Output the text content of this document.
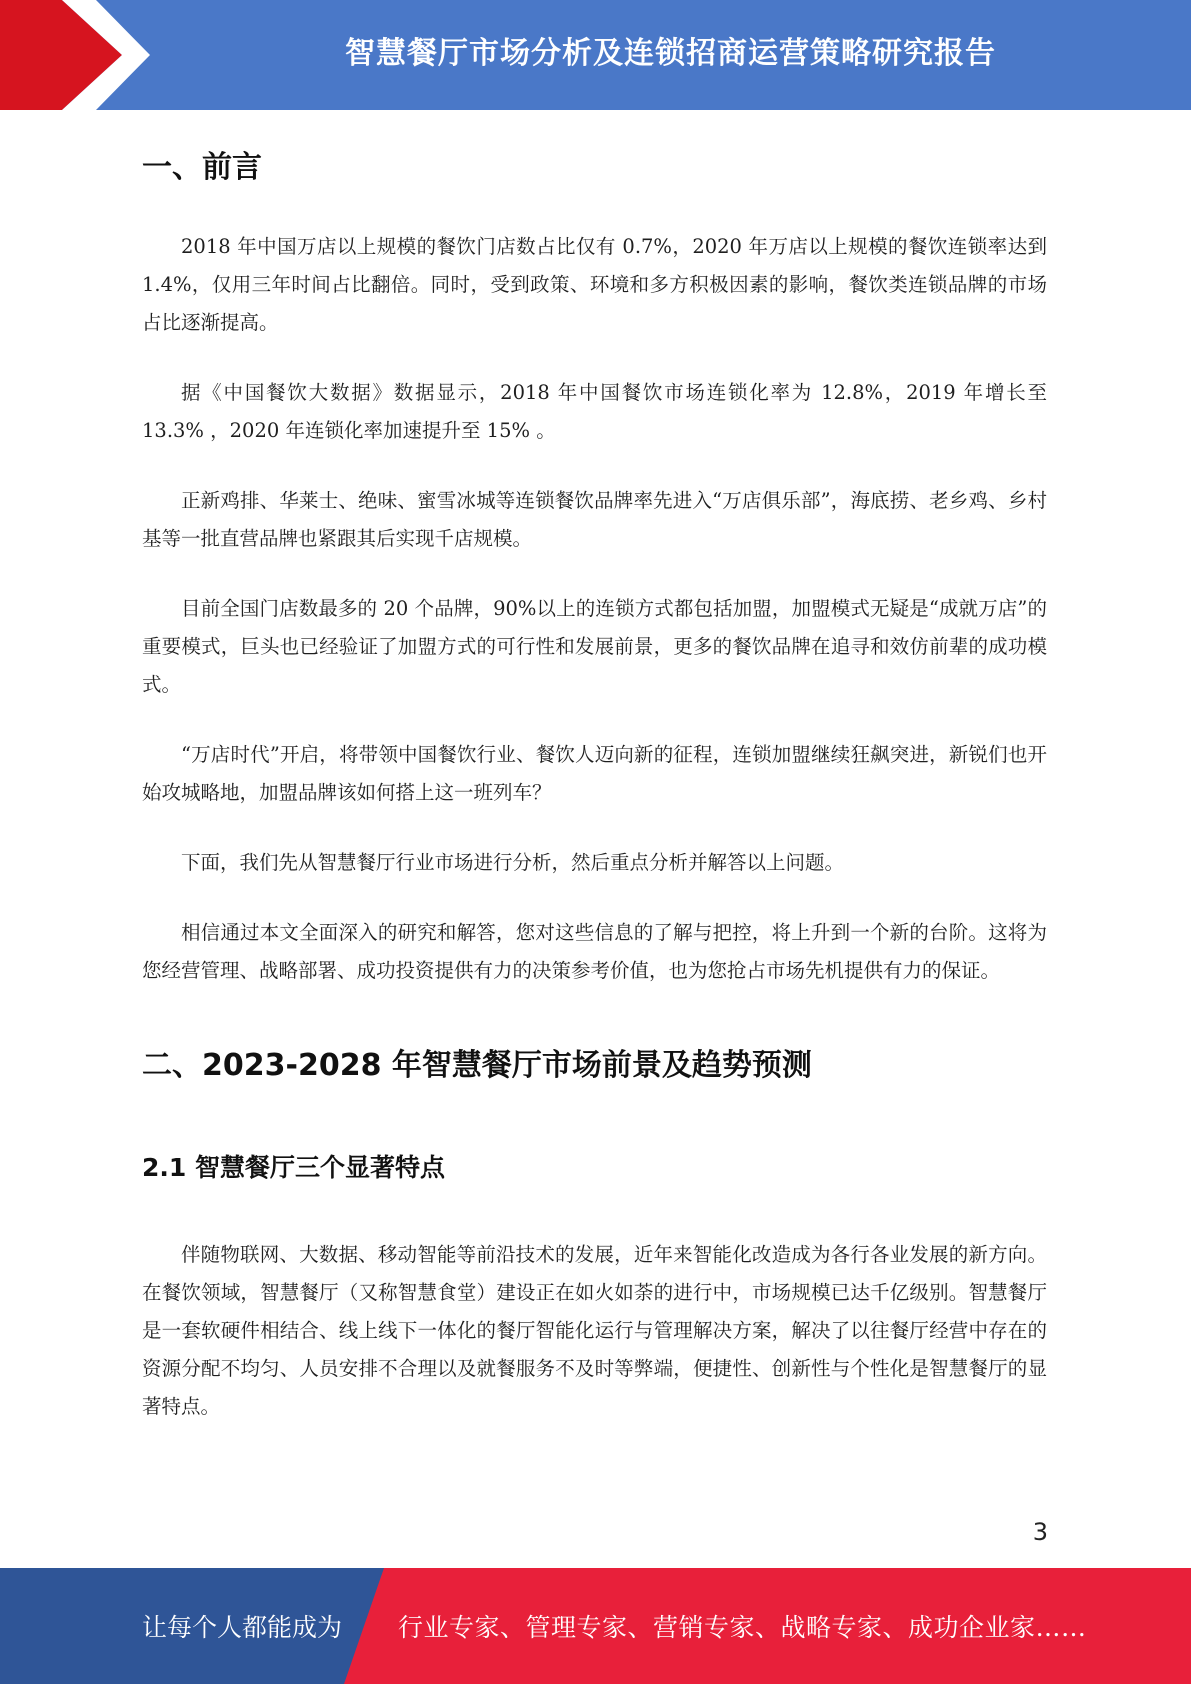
智慧餐厅市场分析及连锁招商运营策略研究报告
一、前言

2018 年中国万店以上规模的餐饮门店数占比仅有 0.7%，2020 年万店以上规模的餐饮连锁率达到 1.4%，仅用三年时间占比翻倍。同时，受到政策、环境和多方积极因素的影响，餐饮类连锁品牌的市场占比逐渐提高。

据《中国餐饮大数据》数据显示，2018 年中国餐饮市场连锁化率为 12.8%，2019 年增长至 13.3% ，2020 年连锁化率加速提升至 15% 。

正新鸡排、华莱士、绝味、蜜雪冰城等连锁餐饮品牌率先进入“万店俱乐部”，海底捞、老乡鸡、乡村基等一批直营品牌也紧跟其后实现千店规模。

目前全国门店数最多的 20 个品牌，90%以上的连锁方式都包括加盟，加盟模式无疑是“成就万店”的重要模式，巨头也已经验证了加盟方式的可行性和发展前景，更多的餐饮品牌在追寻和效仿前辈的成功模式。

“万店时代”开启，将带领中国餐饮行业、餐饮人迈向新的征程，连锁加盟继续狂飙突进，新锐们也开始攻城略地，加盟品牌该如何搭上这一班列车？

下面，我们先从智慧餐厅行业市场进行分析，然后重点分析并解答以上问题。

相信通过本文全面深入的研究和解答，您对这些信息的了解与把控，将上升到一个新的台阶。这将为您经营管理、战略部署、成功投资提供有力的决策参考价值，也为您抢占市场先机提供有力的保证。

二、2023-2028 年智慧餐厅市场前景及趋势预测
2.1 智慧餐厅三个显著特点

伴随物联网、大数据、移动智能等前沿技术的发展，近年来智能化改造成为各行各业发展的新方向。在餐饮领域，智慧餐厅（又称智慧食堂）建设正在如火如荼的进行中，市场规模已达千亿级别。智慧餐厅是一套软硬件相结合、线上线下一体化的餐厅智能化运行与管理解决方案，解决了以往餐厅经营中存在的资源分配不均匀、人员安排不合理以及就餐服务不及时等弊端，便捷性、创新性与个性化是智慧餐厅的显著特点。

3
让每个人都能成为 行业专家、管理专家、营销专家、战略专家、成功企业家……
